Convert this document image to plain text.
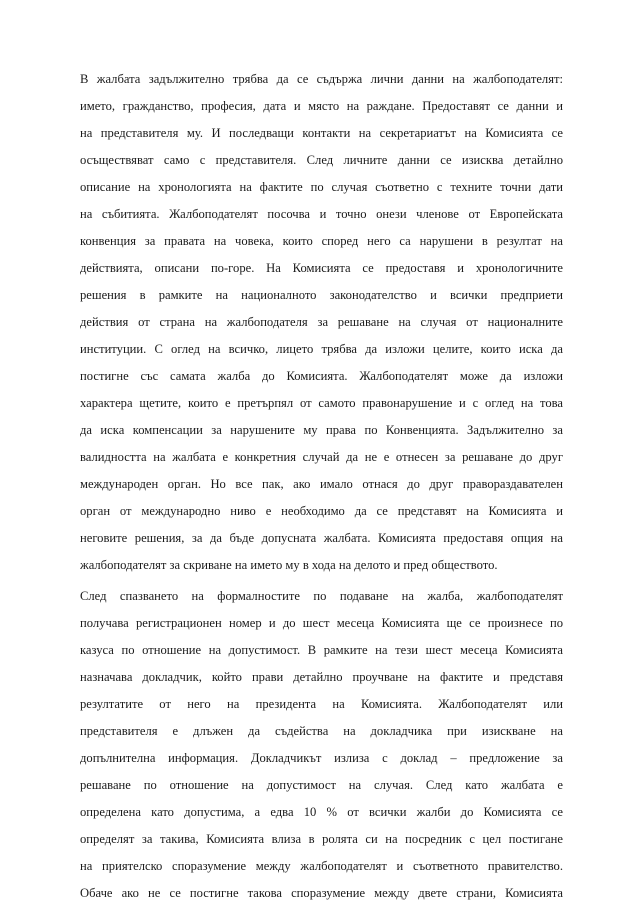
В жалбата задължително трябва да се съдържа лични данни на жалбоподателят:
името, гражданство, професия, дата и място на раждане. Предоставят се данни и
на представителя му. И последващи контакти на секретариатът на Комисията се
осъществяват само с представителя. След личните данни се изисква детайлно
описание на хронологията на фактите по случая съответно с техните точни дати
на събитията. Жалбоподателят посочва и точно онези членове от Европейската
конвенция за правата на човека, които според него са нарушени в резултат на
действията, описани по-горе. На Комисията се предоставя и хронологичните
решения в рамките на националното законодателство и всички предприети
действия от страна на жалбоподателя за решаване на случая от националните
институции. С оглед на всичко, лицето трябва да изложи целите, които иска да
постигне със самата жалба до Комисията. Жалбоподателят може да изложи
характера щетите, които е претърпял от самото правонарушение и с оглед на това
да иска компенсации за нарушените му права по Конвенцията. Задължително за
валидността на жалбата е конкретния случай да не е отнесен за решаване до друг
международен орган. Но все пак, ако имало отнася до друг правораздавателен
орган от международно ниво е необходимо да се представят на Комисията и
неговите решения, за да бъде допусната жалбата. Комисията предоставя опция на
жалбоподателят за скриване на името му в хода на делото и пред обществото.
След спазването на формалностите по подаване на жалба, жалбоподателят
получава регистрационен номер и до шест месеца Комисията ще се произнесе по
казуса по отношение на допустимост. В рамките на тези шест месеца Комисията
назначава докладчик, който прави детайлно проучване на фактите и представя
резултатите от него на президента на Комисията. Жалбоподателят или
представителя е длъжен да съдейства на докладчика при изискване на
допълнителна информация. Докладчикът излиза с доклад – предложение за
решаване по отношение на допустимост на случая. След като жалбата е
определена като допустима, а едва 10 % от всички жалби до Комисията се
определят за такива, Комисията влиза в ролята си на посредник с цел постигане
на приятелско споразумение между жалбоподателят и съответното правителство.
Обаче ако не се постигне такова споразумение между двете страни, Комисията
